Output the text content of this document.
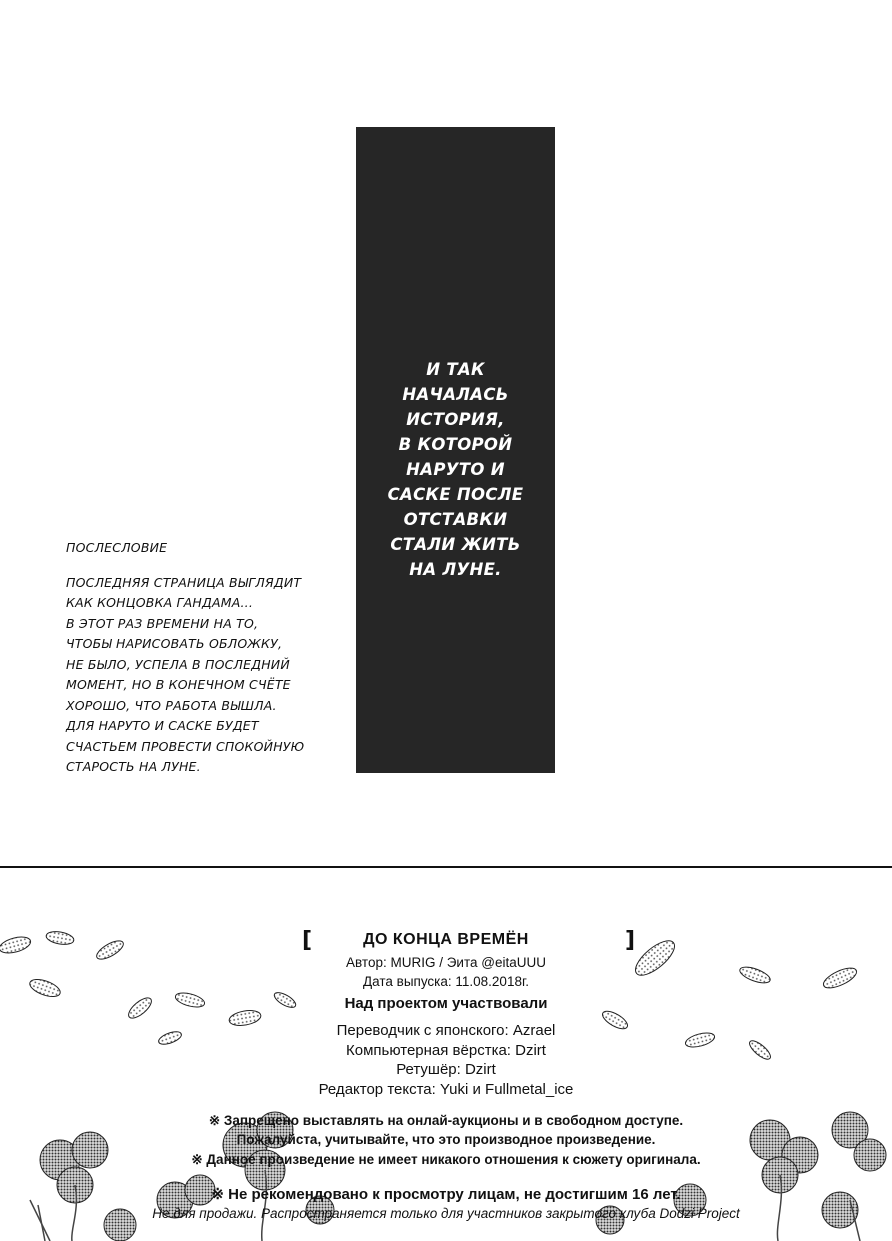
И ТАК
НАЧАЛАСЬ
ИСТОРИЯ,
В КОТОРОЙ
НАРУТО И
САСКЕ ПОСЛЕ
ОТСТАВКИ
СТАЛИ ЖИТЬ
НА ЛУНЕ.
ПОСЛЕСЛОВИЕ
ПОСЛЕДНЯЯ СТРАНИЦА ВЫГЛЯДИТ
КАК КОНЦОВКА ГАНДАМА...
В ЭТОТ РАЗ ВРЕМЕНИ НА ТО,
ЧТОБЫ НАРИСОВАТЬ ОБЛОЖКУ,
НЕ БЫЛО, УСПЕЛА В ПОСЛЕДНИЙ
МОМЕНТ, НО В КОНЕЧНОМ СЧЁТЕ
ХОРОШО, ЧТО РАБОТА ВЫШЛА.
ДЛЯ НАРУТО И САСКЕ БУДЕТ
СЧАСТЬЕМ ПРОВЕСТИ СПОКОЙНУЮ
СТАРОСТЬ НА ЛУНЕ.
[	]
ДО КОНЦА ВРЕМЁН
Автор: MURIG / Эита @eitaUUU
Дата выпуска: 11.08.2018г.
Над проектом участвовали
Переводчик с японского: Azrael
Компьютерная вёрстка: Dzirt
Ретушёр: Dzirt
Редактор текста: Yuki и Fullmetal_ice
※ Запрещено выставлять на онлай-аукционы и в свободном доступе.
Пожалуйста, учитывайте, что это производное произведение.
※ Данное произведение не имеет никакого отношения к сюжету оригинала.
※ Не рекомендовано к просмотру лицам, не достигшим 16 лет.
Не для продажи. Распространяется только для участников закрытого клуба Dodzi Project
